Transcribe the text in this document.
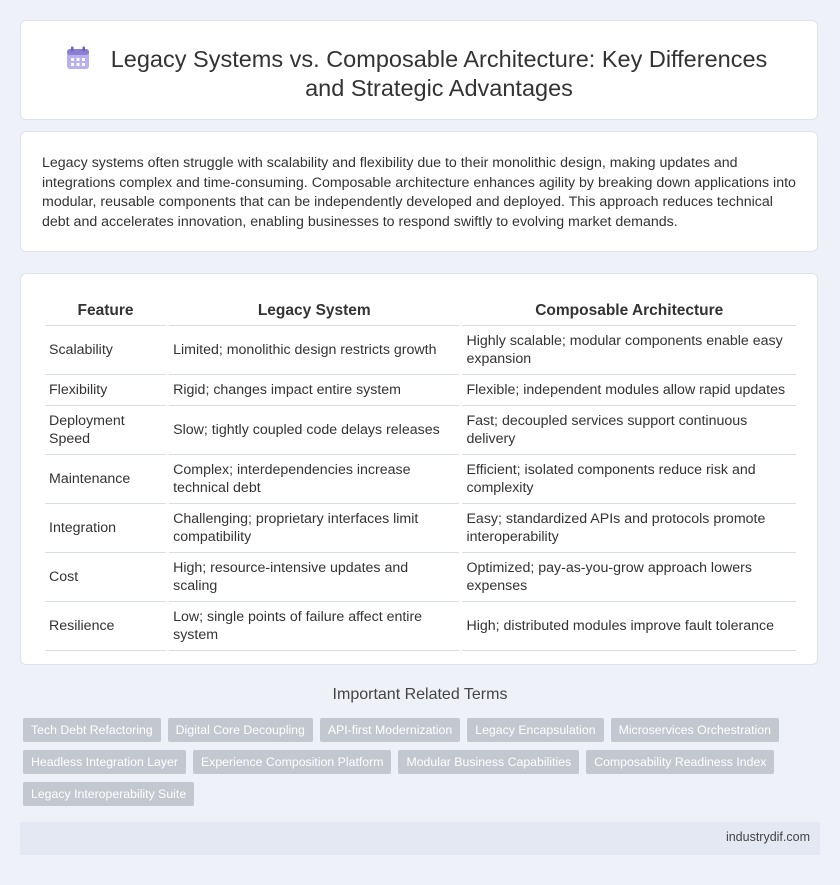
Legacy Systems vs. Composable Architecture: Key Differences and Strategic Advantages

Legacy systems often struggle with scalability and flexibility due to their monolithic design, making updates and integrations complex and time-consuming. Composable architecture enhances agility by breaking down applications into modular, reusable components that can be independently developed and deployed. This approach reduces technical debt and accelerates innovation, enabling businesses to respond swiftly to evolving market demands.

Feature	Legacy System	Composable Architecture
Scalability	Limited; monolithic design restricts growth	Highly scalable; modular components enable easy expansion
Flexibility	Rigid; changes impact entire system	Flexible; independent modules allow rapid updates
Deployment Speed	Slow; tightly coupled code delays releases	Fast; decoupled services support continuous delivery
Maintenance	Complex; interdependencies increase technical debt	Efficient; isolated components reduce risk and complexity
Integration	Challenging; proprietary interfaces limit compatibility	Easy; standardized APIs and protocols promote interoperability
Cost	High; resource-intensive updates and scaling	Optimized; pay-as-you-grow approach lowers expenses
Resilience	Low; single points of failure affect entire system	High; distributed modules improve fault tolerance
Important Related Terms
Tech Debt Refactoring	Digital Core Decoupling	API-first Modernization	Legacy Encapsulation	Microservices Orchestration
Headless Integration Layer	Experience Composition Platform	Modular Business Capabilities	Composability Readiness Index
Legacy Interoperability Suite
industrydif.com
